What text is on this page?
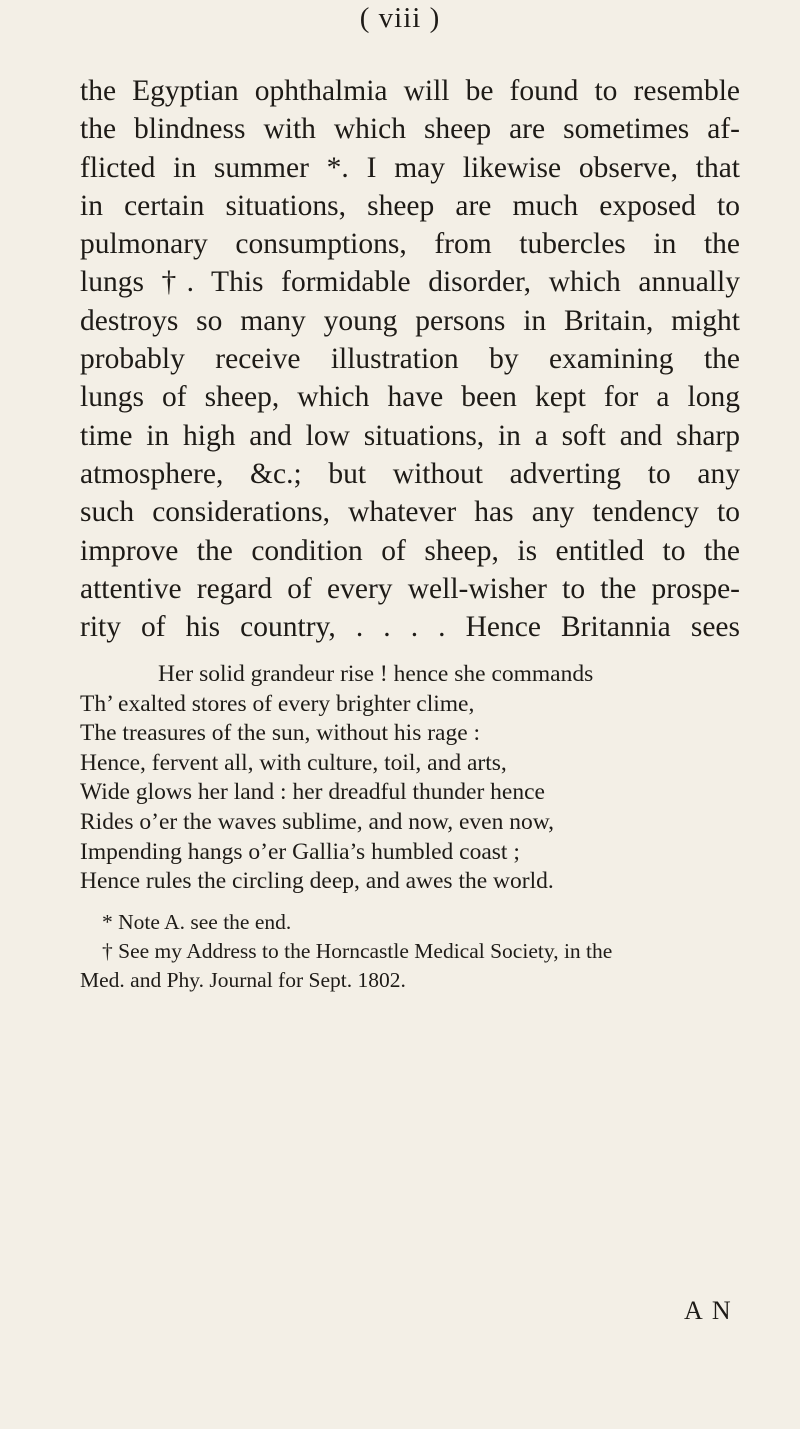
( viii )
the Egyptian ophthalmia will be found to resemble
the blindness with which sheep are sometimes af-
flicted in summer *. I may likewise observe, that
in certain situations, sheep are much exposed to
pulmonary consumptions, from tubercles in the
lungs †. This formidable disorder, which annually
destroys so many young persons in Britain, might
probably receive illustration by examining the
lungs of sheep, which have been kept for a long
time in high and low situations, in a soft and sharp
atmosphere, &c.; but without adverting to any
such considerations, whatever has any tendency to
improve the condition of sheep, is entitled to the
attentive regard of every well-wisher to the prospe-
rity of his country, . . . . Hence Britannia sees
Her solid grandeur rise ! hence she commands
Th’ exalted stores of every brighter clime,
The treasures of the sun, without his rage :
Hence, fervent all, with culture, toil, and arts,
Wide glows her land : her dreadful thunder hence
Rides o’er the waves sublime, and now, even now,
Impending hangs o’er Gallia’s humbled coast ;
Hence rules the circling deep, and awes the world.
* Note A. see the end.
† See my Address to the Horncastle Medical Society, in the
Med. and Phy. Journal for Sept. 1802.
A N
